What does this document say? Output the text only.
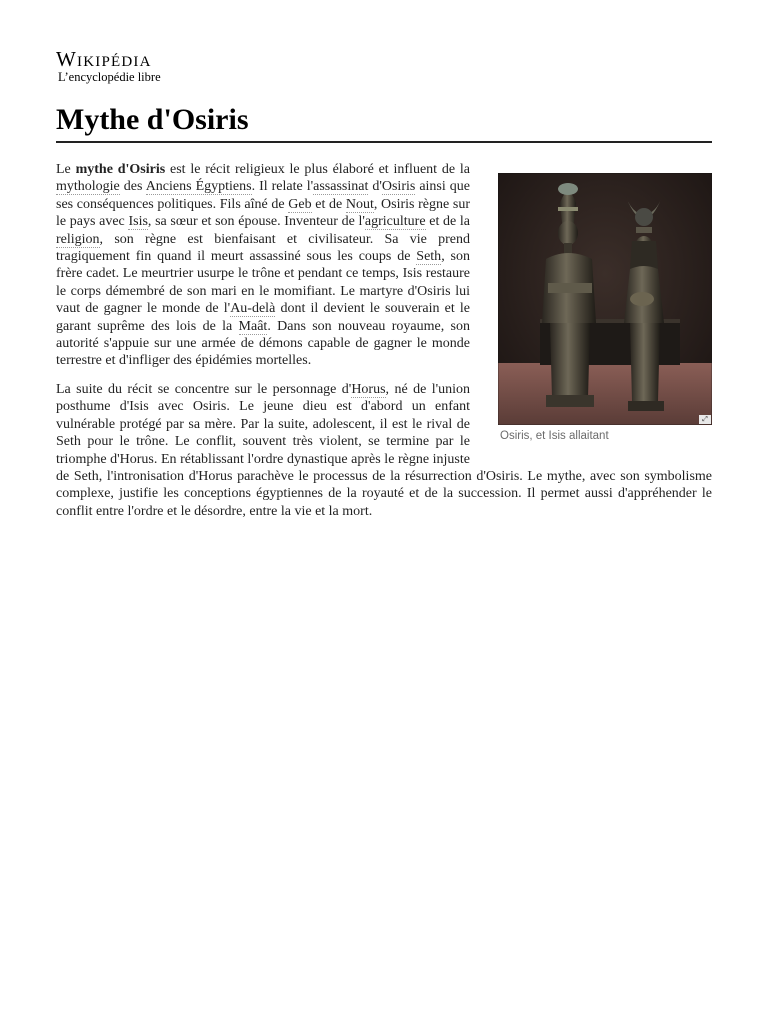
Wikipédia
L’encyclopédie libre
Mythe d'Osiris
⤢
Osiris, et Isis allaitant

Le mythe d'Osiris est le récit religieux le plus élaboré et influent de la mythologie des Anciens Égyptiens. Il relate l'assassinat d'Osiris ainsi que ses conséquences politiques. Fils aîné de Geb et de Nout, Osiris règne sur le pays avec Isis, sa sœur et son épouse. Inventeur de l'agriculture et de la religion, son règne est bienfaisant et civilisateur. Sa vie prend tragiquement fin quand il meurt assassiné sous les coups de Seth, son frère cadet. Le meurtrier usurpe le trône et pendant ce temps, Isis restaure le corps démembré de son mari en le momifiant. Le martyre d'Osiris lui vaut de gagner le monde de l'Au-delà dont il devient le souverain et le garant suprême des lois de la Maât. Dans son nouveau royaume, son autorité s'appuie sur une armée de démons capable de gagner le monde terrestre et d'infliger des épidémies mortelles.

La suite du récit se concentre sur le personnage d'Horus, né de l'union posthume d'Isis avec Osiris. Le jeune dieu est d'abord un enfant vulnérable protégé par sa mère. Par la suite, adolescent, il est le rival de Seth pour le trône. Le conflit, souvent très violent, se termine par le triomphe d'Horus. En rétablissant l'ordre dynastique après le règne injuste de Seth, l'intronisation d'Horus parachève le processus de la résurrection d'Osiris. Le mythe, avec son symbolisme complexe, justifie les conceptions égyptiennes de la royauté et de la succession. Il permet aussi d'appréhender le conflit entre l'ordre et le désordre, entre la vie et la mort.
